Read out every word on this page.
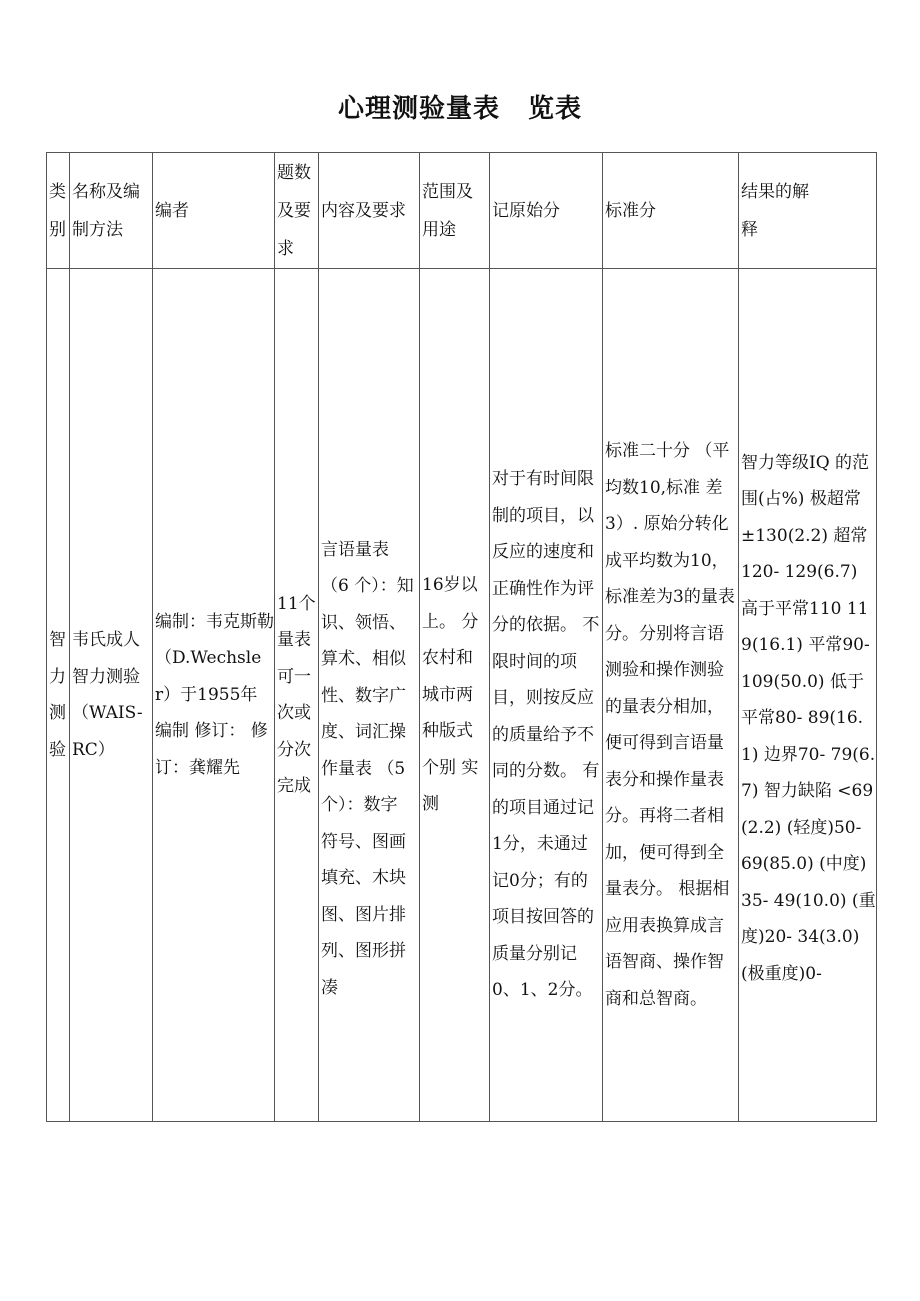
心理测验量表 览表
类别	名称及编制方法	编者	题数及要求	内容及要求	范围及用途	记原始分	标准分	结果的解
释

智力测验	韦氏成人智力测验（WAIS-RC）	编制：韦克斯勒 （D.Wechsler）于1955年编制 修订： 修订：龚耀先	11个量表 可一次或分次完成	言语量表 （6 个）：知 识、领悟、 算术、相似性、数字广度、词汇操作量表 （5 个）：数字 符号、图画填充、木块图、图片排列、图形拼凑	16岁以上。 分农村和城市两种版式 个别 实 测	对于有时间限制的项目，以反应的速度和正确性作为评分的依据。 不限时间的项目，则按反应的质量给予不同的分数。 有的项目通过记1分，未通过记0分；有的项目按回答的质量分别记0、1、2分。	标准二十分 （平 均数10,标准 差3）. 原始分转化成平均数为10，标准差为3的量表分。分别将言语测验和操作测验的量表分相加，便可得到言语量表分和操作量表分。再将二者相加，便可得到全量表分。 根据相应用表换算成言语智商、操作智商和总智商。	智力等级IQ 的范围(占%) 极超常 ±130(2.2) 超常120- 129(6.7) 高于平常110 119(16.1) 平常90- 109(50.0) 低于平常80- 89(16.1) 边界70- 79(6.7) 智力缺陷 <69(2.2) (轻度)50- 69(85.0) (中度)35- 49(10.0) (重度)20- 34(3.0) (极重度)0-
